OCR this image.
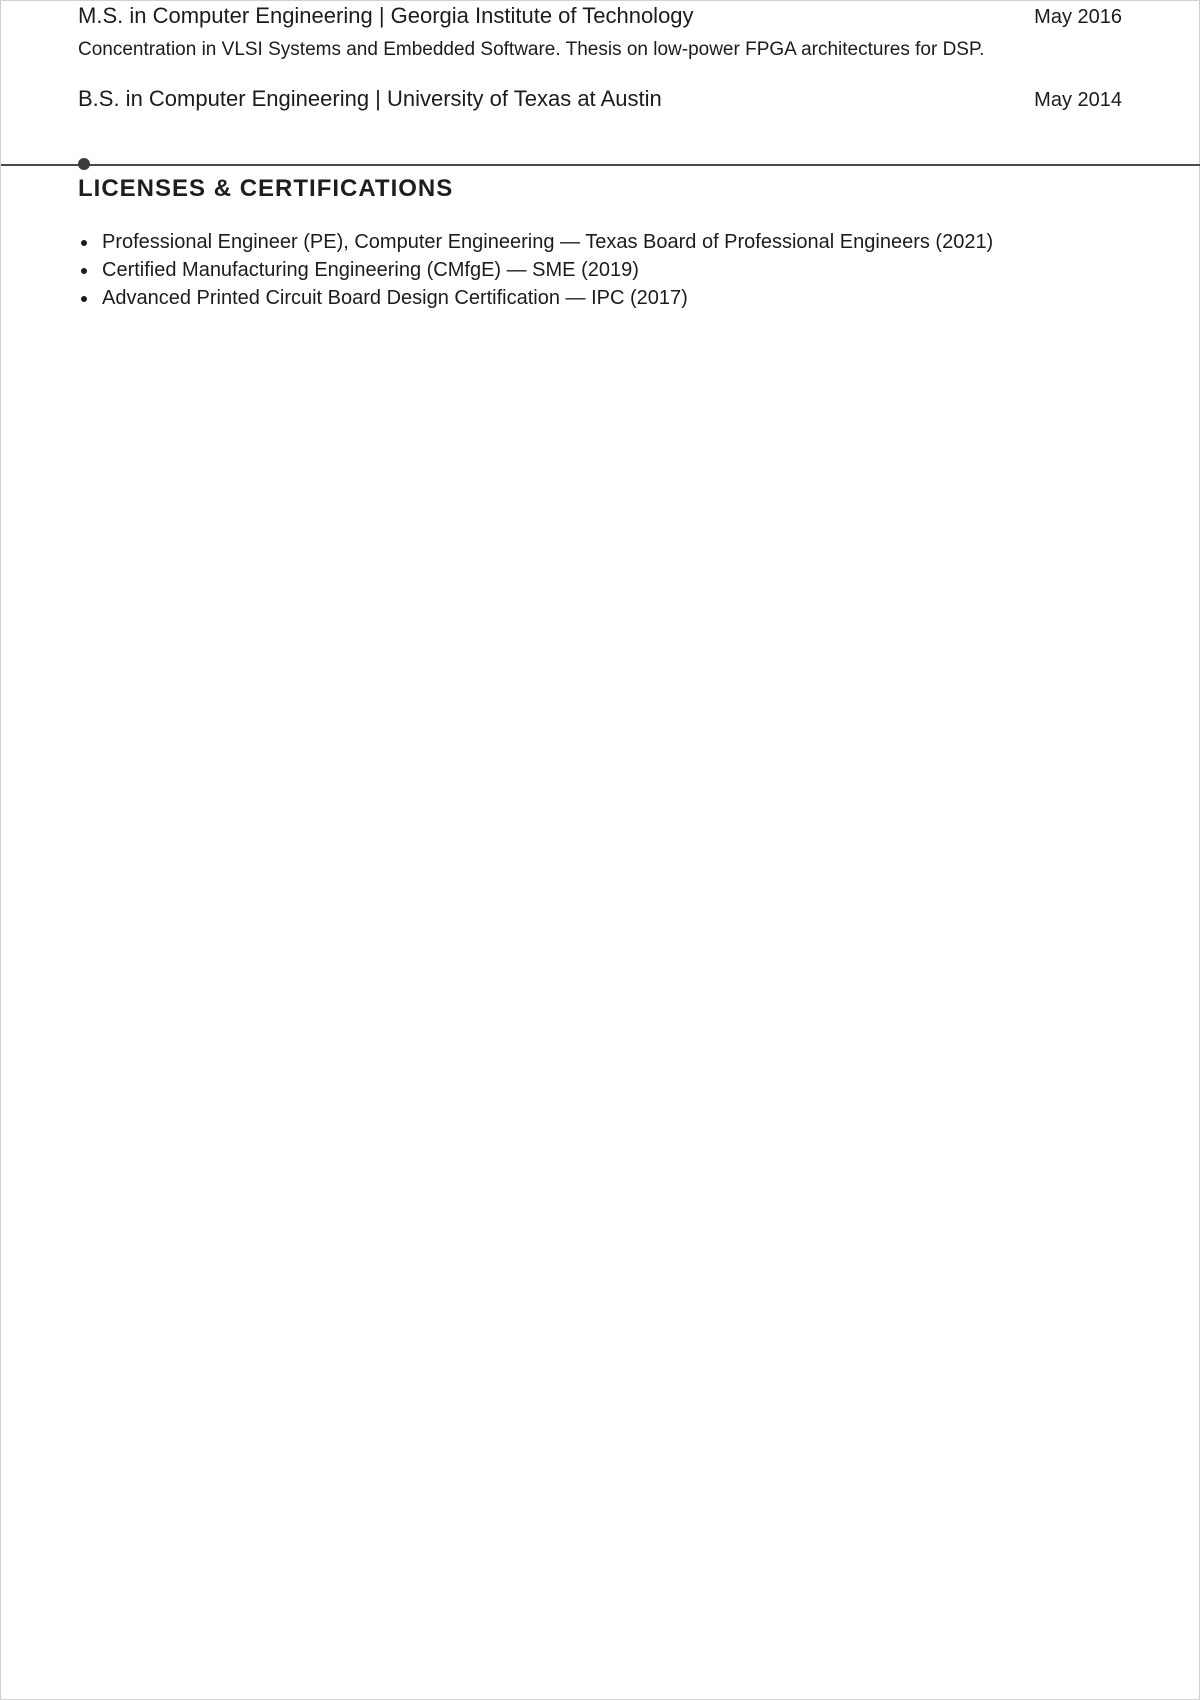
M.S. in Computer Engineering | Georgia Institute of Technology	May 2016
Concentration in VLSI Systems and Embedded Software. Thesis on low-power FPGA architectures for DSP.
B.S. in Computer Engineering | University of Texas at Austin	May 2014
LICENSES & CERTIFICATIONS
Professional Engineer (PE), Computer Engineering — Texas Board of Professional Engineers (2021)
Certified Manufacturing Engineering (CMfgE) — SME (2019)
Advanced Printed Circuit Board Design Certification — IPC (2017)
